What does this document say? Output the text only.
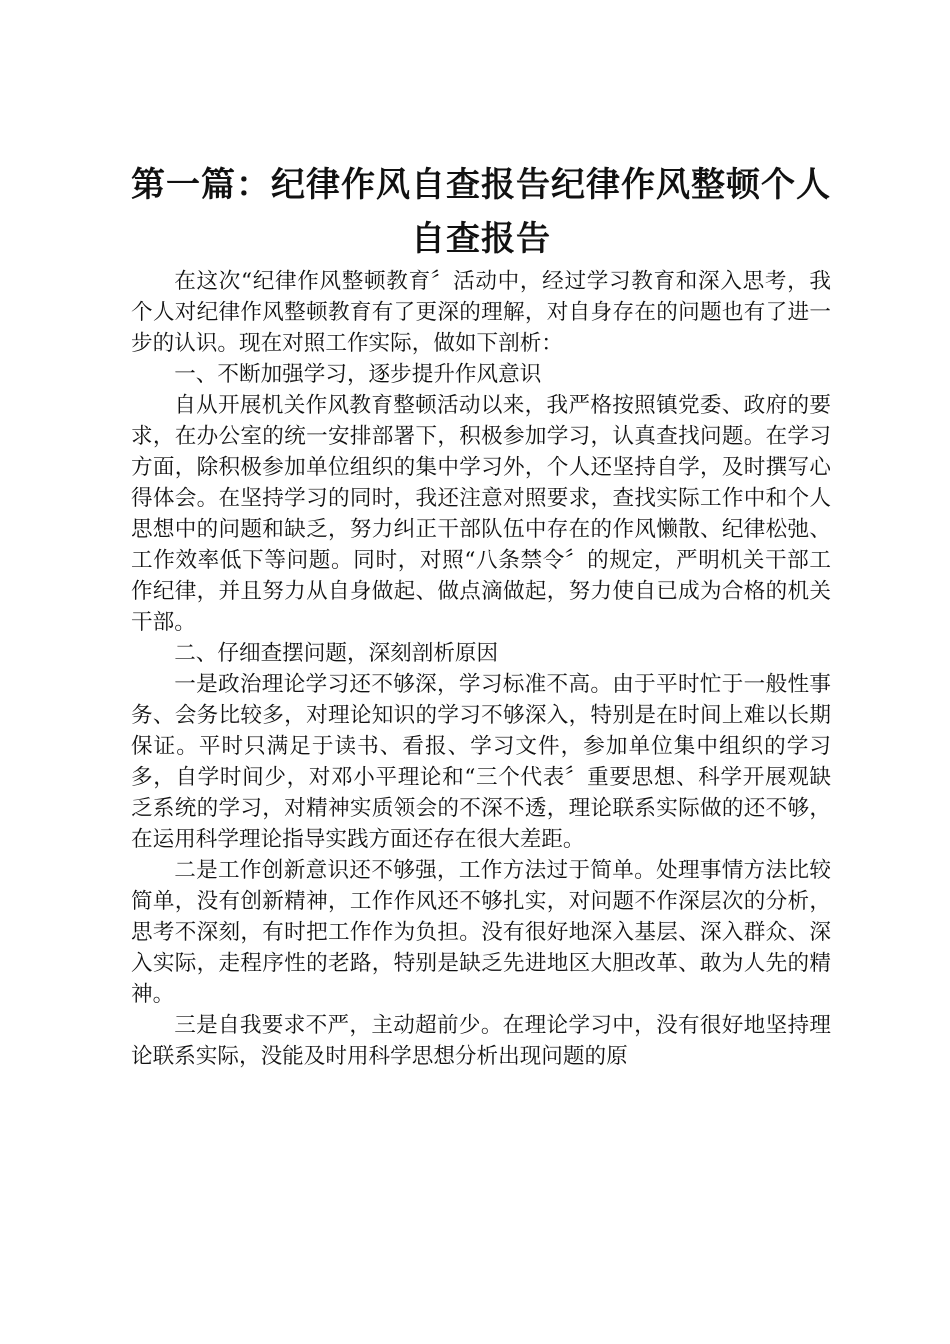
第一篇：纪律作风自查报告纪律作风整顿个人自查报告

在这次“纪律作风整顿教育〞活动中，经过学习教育和深入思考，我个人对纪律作风整顿教育有了更深的理解，对自身存在的问题也有了进一步的认识。现在对照工作实际，做如下剖析：

一、不断加强学习，逐步提升作风意识

自从开展机关作风教育整顿活动以来，我严格按照镇党委、政府的要求，在办公室的统一安排部署下，积极参加学习，认真查找问题。在学习方面，除积极参加单位组织的集中学习外，个人还坚持自学，及时撰写心得体会。在坚持学习的同时，我还注意对照要求，查找实际工作中和个人思想中的问题和缺乏，努力纠正干部队伍中存在的作风懒散、纪律松弛、工作效率低下等问题。同时，对照“八条禁令〞的规定，严明机关干部工作纪律，并且努力从自身做起、做点滴做起，努力使自已成为合格的机关干部。

二、仔细查摆问题，深刻剖析原因

一是政治理论学习还不够深，学习标准不高。由于平时忙于一般性事务、会务比较多，对理论知识的学习不够深入，特别是在时间上难以长期保证。平时只满足于读书、看报、学习文件，参加单位集中组织的学习多，自学时间少，对邓小平理论和“三个代表〞重要思想、科学开展观缺乏系统的学习，对精神实质领会的不深不透，理论联系实际做的还不够，在运用科学理论指导实践方面还存在很大差距。

二是工作创新意识还不够强，工作方法过于简单。处理事情方法比较简单，没有创新精神，工作作风还不够扎实，对问题不作深层次的分析，思考不深刻，有时把工作作为负担。没有很好地深入基层、深入群众、深入实际，走程序性的老路，特别是缺乏先进地区大胆改革、敢为人先的精神。

三是自我要求不严，主动超前少。在理论学习中，没有很好地坚持理论联系实际，没能及时用科学思想分析出现问题的原
